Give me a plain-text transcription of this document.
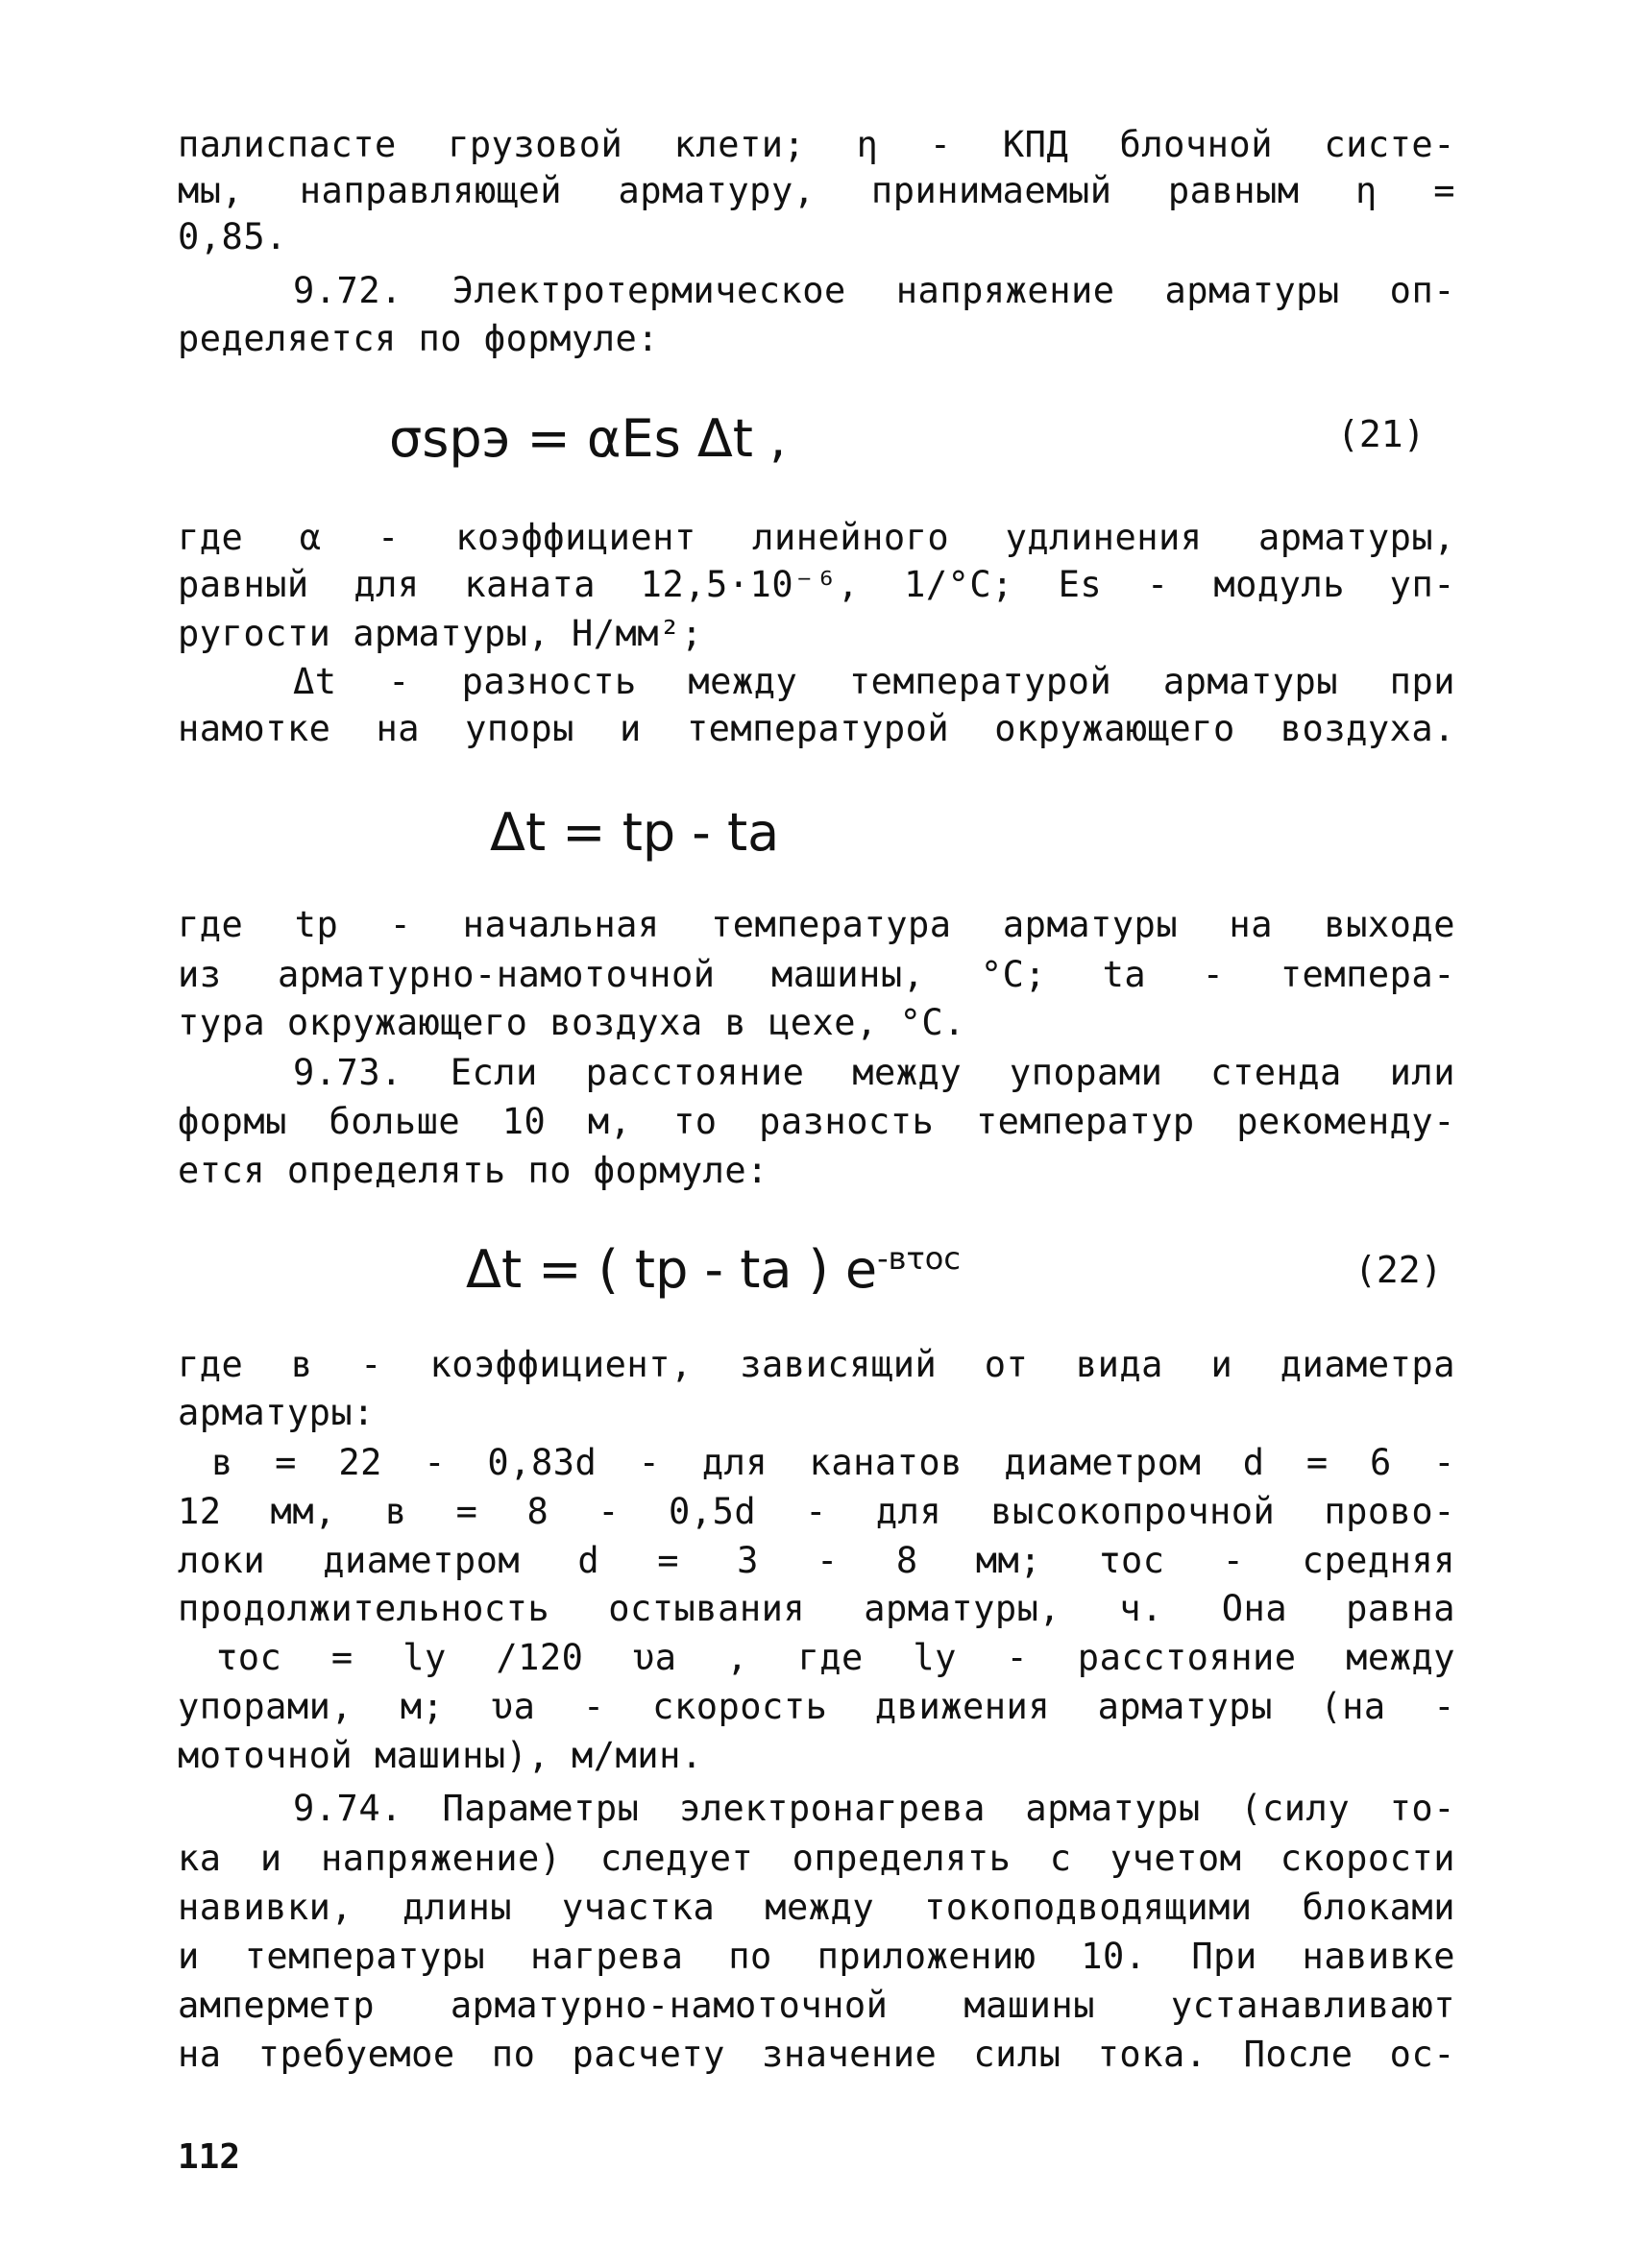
палиспасте грузовой клети; η - КПД блочной систе-
мы, направляющей арматуру, принимаемый равным η =
0,85.
9.72. Электротермическое напряжение арматуры оп-
ределяется по формуле:
σspэ = αEs Δt ,	(21)
где α - коэффициент линейного удлинения арматуры,
равный для каната 12,5·10⁻⁶, 1/°C; Es - модуль уп-
ругости арматуры, Н/мм²;
Δt - разность между температурой арматуры при
намотке на упоры и температурой окружающего воздуха.
Δt = tp - ta
где tp - начальная температура арматуры на выходе
из арматурно-намоточной машины, °C; ta - темпера-
тура окружающего воздуха в цехе, °C.
9.73. Если расстояние между упорами стенда или
формы больше 10 м, то разность температур рекоменду-
ется определять по формуле:
Δt = ( tp - ta ) $e^{-в\tau oc}$	(22)
где в - коэффициент, зависящий от вида и диаметра
арматуры:
в = 22 - 0,83d - для канатов диаметром d = 6 -
12 мм, в = 8 - 0,5d - для высокопрочной прово-
локи диаметром d = 3 - 8 мм; τoc - средняя
продолжительность остывания арматуры, ч. Она равна
τoc = ly /120 υa , где ly - расстояние между
упорами, м; υa - скорость движения арматуры (на -
моточной машины), м/мин.
9.74. Параметры электронагрева арматуры (силу то-
ка и напряжение) следует определять с учетом скорости
навивки, длины участка между токоподводящими блоками
и температуры нагрева по приложению 10. При навивке
амперметр арматурно-намоточной машины устанавливают
на требуемое по расчету значение силы тока. После ос-
112
